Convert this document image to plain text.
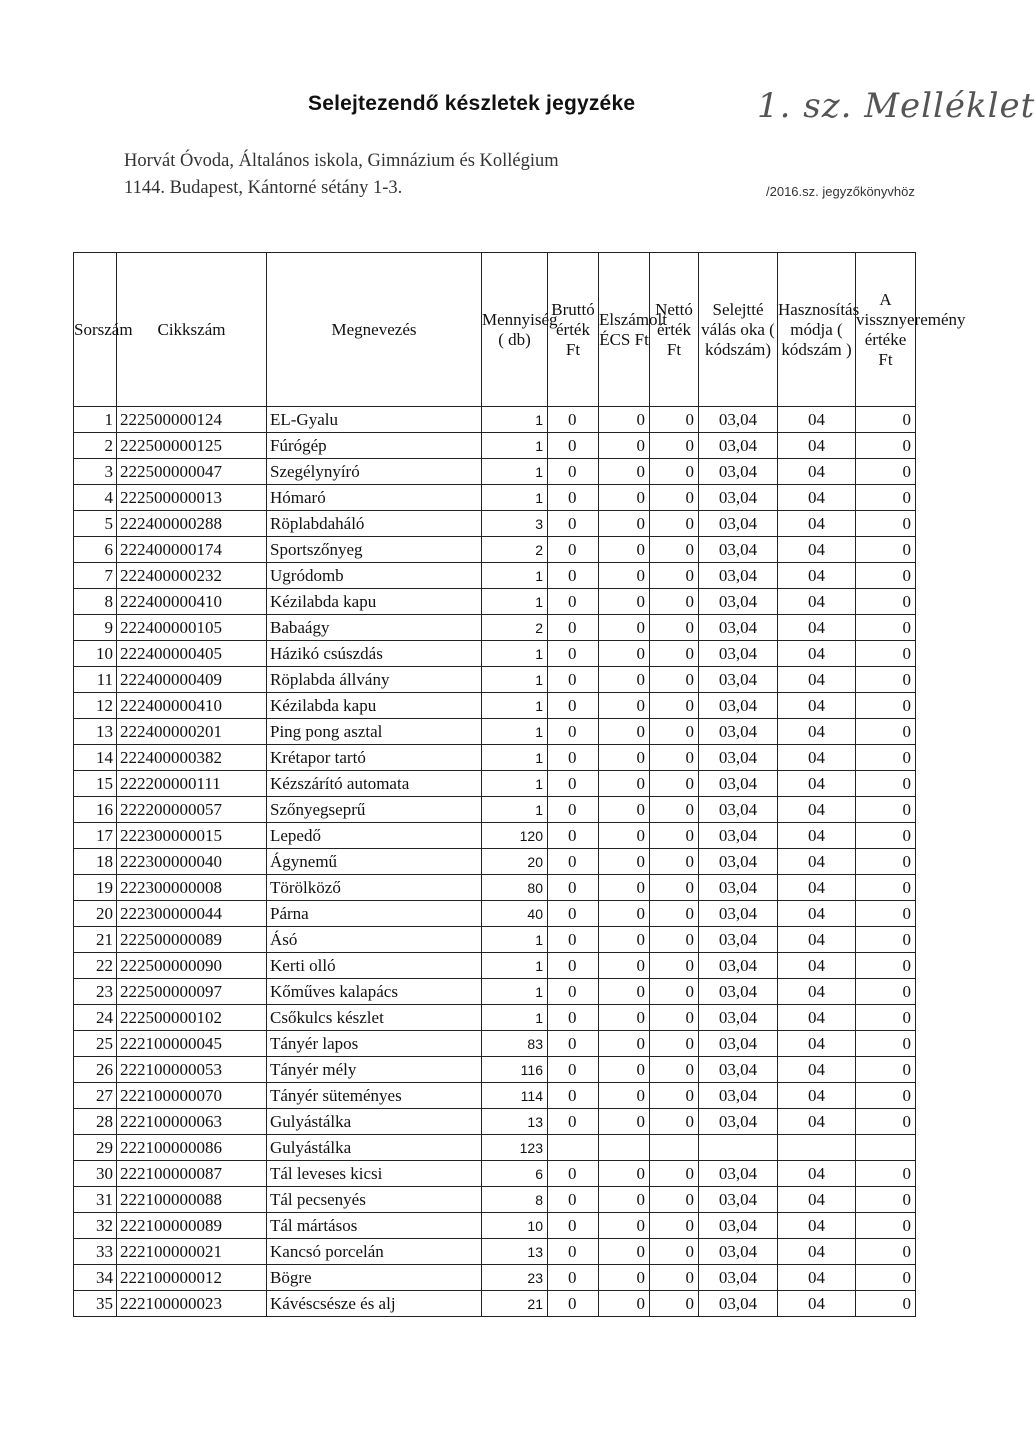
Selejtezendő készletek jegyzéke	1. sz. Melléklet
Horvát Óvoda, Általános iskola, Gimnázium és Kollégium
1144. Budapest, Kántorné sétány 1-3.	/2016.sz. jegyzőkönyvhöz
Sorszám	Cikkszám	Megnevezés	Mennyiség ( db)	Bruttó érték Ft	Elszámolt ÉCS Ft	Nettó érték Ft	Selejtté válás oka ( kódszám)	Hasznosítás módja ( kódszám )	A vissznyeremény értéke Ft
1	222500000124	EL-Gyalu	1	0	0	0	03,04	04	0
2	222500000125	Fúrógép	1	0	0	0	03,04	04	0
3	222500000047	Szegélynyíró	1	0	0	0	03,04	04	0
4	222500000013	Hómaró	1	0	0	0	03,04	04	0
5	222400000288	Röplabdaháló	3	0	0	0	03,04	04	0
6	222400000174	Sportszőnyeg	2	0	0	0	03,04	04	0
7	222400000232	Ugródomb	1	0	0	0	03,04	04	0
8	222400000410	Kézilabda kapu	1	0	0	0	03,04	04	0
9	222400000105	Babaágy	2	0	0	0	03,04	04	0
10	222400000405	Házikó csúszdás	1	0	0	0	03,04	04	0
11	222400000409	Röplabda állvány	1	0	0	0	03,04	04	0
12	222400000410	Kézilabda kapu	1	0	0	0	03,04	04	0
13	222400000201	Ping pong asztal	1	0	0	0	03,04	04	0
14	222400000382	Krétapor tartó	1	0	0	0	03,04	04	0
15	222200000111	Kézszárító automata	1	0	0	0	03,04	04	0
16	222200000057	Szőnyegseprű	1	0	0	0	03,04	04	0
17	222300000015	Lepedő	120	0	0	0	03,04	04	0
18	222300000040	Ágynemű	20	0	0	0	03,04	04	0
19	222300000008	Törölköző	80	0	0	0	03,04	04	0
20	222300000044	Párna	40	0	0	0	03,04	04	0
21	222500000089	Ásó	1	0	0	0	03,04	04	0
22	222500000090	Kerti olló	1	0	0	0	03,04	04	0
23	222500000097	Kőműves kalapács	1	0	0	0	03,04	04	0
24	222500000102	Csőkulcs készlet	1	0	0	0	03,04	04	0
25	222100000045	Tányér lapos	83	0	0	0	03,04	04	0
26	222100000053	Tányér mély	116	0	0	0	03,04	04	0
27	222100000070	Tányér süteményes	114	0	0	0	03,04	04	0
28	222100000063	Gulyástálka	13	0	0	0	03,04	04	0
29	222100000086	Gulyástálka	123						
30	222100000087	Tál leveses kicsi	6	0	0	0	03,04	04	0
31	222100000088	Tál pecsenyés	8	0	0	0	03,04	04	0
32	222100000089	Tál mártásos	10	0	0	0	03,04	04	0
33	222100000021	Kancsó porcelán	13	0	0	0	03,04	04	0
34	222100000012	Bögre	23	0	0	0	03,04	04	0
35	222100000023	Kávéscsésze és alj	21	0	0	0	03,04	04	0
